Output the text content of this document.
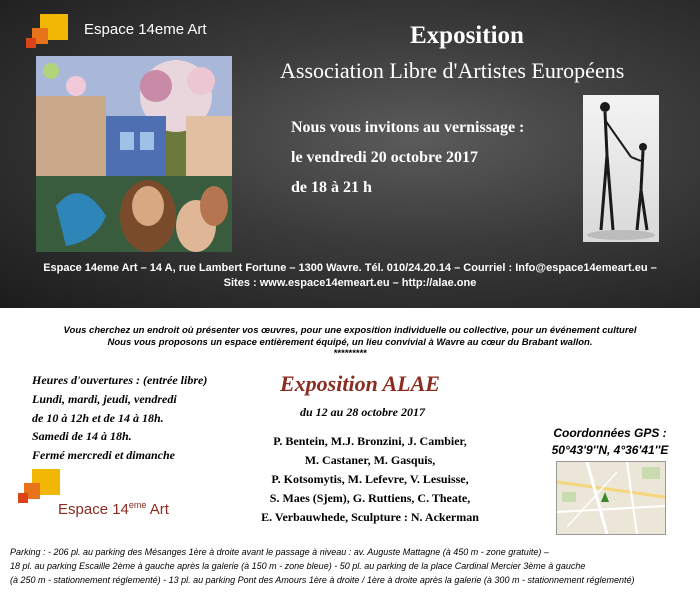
Espace 14eme Art	Exposition
Association Libre d'Artistes Européens
Nous vous invitons au vernissage :
le vendredi 20 octobre 2017
de 18 à 21 h
Espace 14eme Art – 14 A, rue Lambert Fortune – 1300 Wavre. Tél. 010/24.20.14 – Courriel : Info@espace14emeart.eu –
Sites : www.espace14emeart.eu – http://alae.one
Vous cherchez un endroit où présenter vos œuvres, pour une exposition individuelle ou collective, pour un événement culturel
Nous vous proposons un espace entièrement équipé, un lieu convivial à Wavre au cœur du Brabant wallon.
*********
Heures d'ouvertures : (entrée libre)
Lundi, mardi, jeudi, vendredi
de 10 à 12h et de 14 à 18h.
Samedi de 14 à 18h.
Fermé mercredi et dimanche
Exposition ALAE
du 12 au 28 octobre 2017
P. Bentein, M.J. Bronzini, J. Cambier,
M. Castaner, M. Gasquis,
P. Kotsomytis, M. Lefevre, V. Lesuisse,
S. Maes (Sjem), G. Ruttiens, C. Theate,
E. Verbauwhede, Sculpture : N. Ackerman
Coordonnées GPS :
50°43'9''N, 4°36'41''E
Espace 14eme Art
Parking : - 206 pl. au parking des Mésanges 1ère à droite avant le passage à niveau : av. Auguste Mattagne (à 450 m - zone gratuite) –
18 pl. au parking Escaille 2ème à gauche après la galerie (à 150 m - zone bleue) - 50 pl. au parking de la place Cardinal Mercier 3ème à gauche
(à 250 m - stationnement réglementé) - 13 pl. au parking Pont des Amours 1ère à droite / 1ère à droite après la galerie (à 300 m - stationnement réglementé)
